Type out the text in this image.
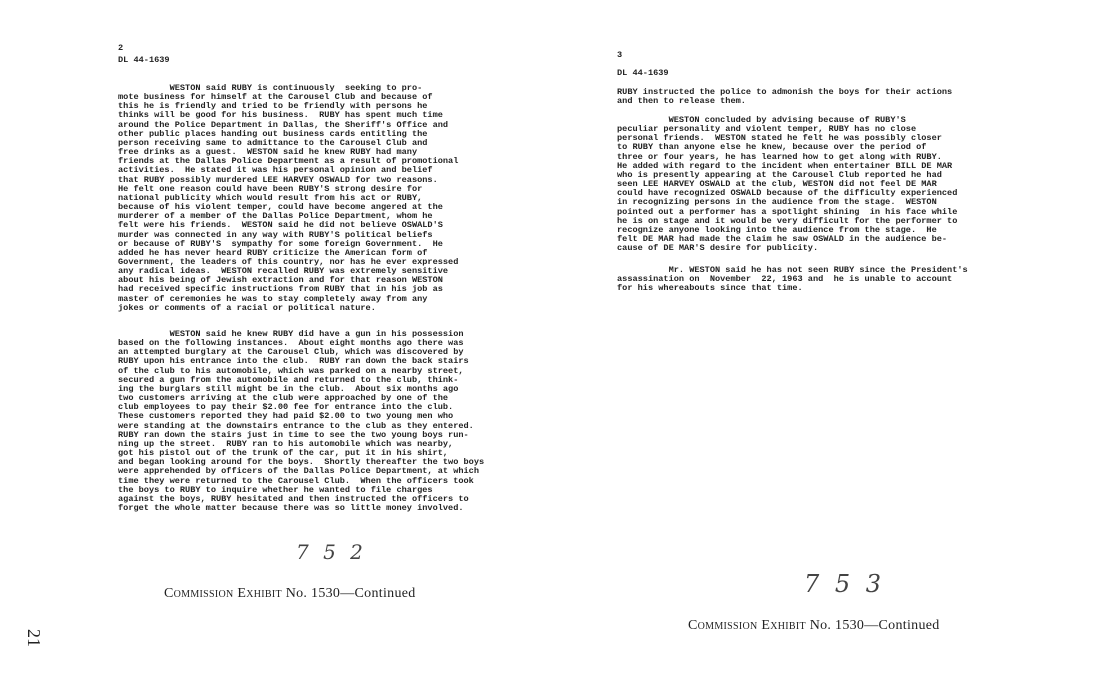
2
DL 44-1639
WESTON said RUBY is continuously  seeking to pro-
mote business for himself at the Carousel Club and because of
this he is friendly and tried to be friendly with persons he
thinks will be good for his business.  RUBY has spent much time
around the Police Department in Dallas, the Sheriff's Office and
other public places handing out business cards entitling the
person receiving same to admittance to the Carousel Club and
free drinks as a guest.  WESTON said he knew RUBY had many
friends at the Dallas Police Department as a result of promotional
activities.  He stated it was his personal opinion and belief
that RUBY possibly murdered LEE HARVEY OSWALD for two reasons.
He felt one reason could have been RUBY'S strong desire for
national publicity which would result from his act or RUBY,
because of his violent temper, could have become angered at the
murderer of a member of the Dallas Police Department, whom he
felt were his friends.  WESTON said he did not believe OSWALD'S
murder was connected in any way with RUBY'S political beliefs
or because of RUBY'S  sympathy for some foreign Government.  He
added he has never heard RUBY criticize the American form of
Government, the leaders of this country, nor has he ever expressed
any radical ideas.  WESTON recalled RUBY was extremely sensitive
about his being of Jewish extraction and for that reason WESTON
had received specific instructions from RUBY that in his job as
master of ceremonies he was to stay completely away from any
jokes or comments of a racial or political nature.
WESTON said he knew RUBY did have a gun in his possession
based on the following instances.  About eight months ago there was
an attempted burglary at the Carousel Club, which was discovered by
RUBY upon his entrance into the club.  RUBY ran down the back stairs
of the club to his automobile, which was parked on a nearby street,
secured a gun from the automobile and returned to the club, think-
ing the burglars still might be in the club.  About six months ago
two customers arriving at the club were approached by one of the
club employees to pay their $2.00 fee for entrance into the club.
These customers reported they had paid $2.00 to two young men who
were standing at the downstairs entrance to the club as they entered.
RUBY ran down the stairs just in time to see the two young boys run-
ning up the street.  RUBY ran to his automobile which was nearby,
got his pistol out of the trunk of the car, put it in his shirt,
and began looking around for the boys.  Shortly thereafter the two boys
were apprehended by officers of the Dallas Police Department, at which
time they were returned to the Carousel Club.  When the officers took
the boys to RUBY to inquire whether he wanted to file charges
against the boys, RUBY hesitated and then instructed the officers to
forget the whole matter because there was so little money involved.
7 5 2
Commission Exhibit No. 1530—Continued
3
DL 44-1639
RUBY instructed the police to admonish the boys for their actions
and then to release them.
WESTON concluded by advising because of RUBY'S
peculiar personality and violent temper, RUBY has no close
personal friends.  WESTON stated he felt he was possibly closer
to RUBY than anyone else he knew, because over the period of
three or four years, he has learned how to get along with RUBY.
He added with regard to the incident when entertainer BILL DE MAR
who is presently appearing at the Carousel Club reported he had
seen LEE HARVEY OSWALD at the club, WESTON did not feel DE MAR
could have recognized OSWALD because of the difficulty experienced
in recognizing persons in the audience from the stage.  WESTON
pointed out a performer has a spotlight shining  in his face while
he is on stage and it would be very difficult for the performer to
recognize anyone looking into the audience from the stage.  He
felt DE MAR had made the claim he saw OSWALD in the audience be-
cause of DE MAR'S desire for publicity.
Mr. WESTON said he has not seen RUBY since the President's
assassination on  November  22, 1963 and  he is unable to account
for his whereabouts since that time.
7 5 3
Commission Exhibit No. 1530—Continued
21
